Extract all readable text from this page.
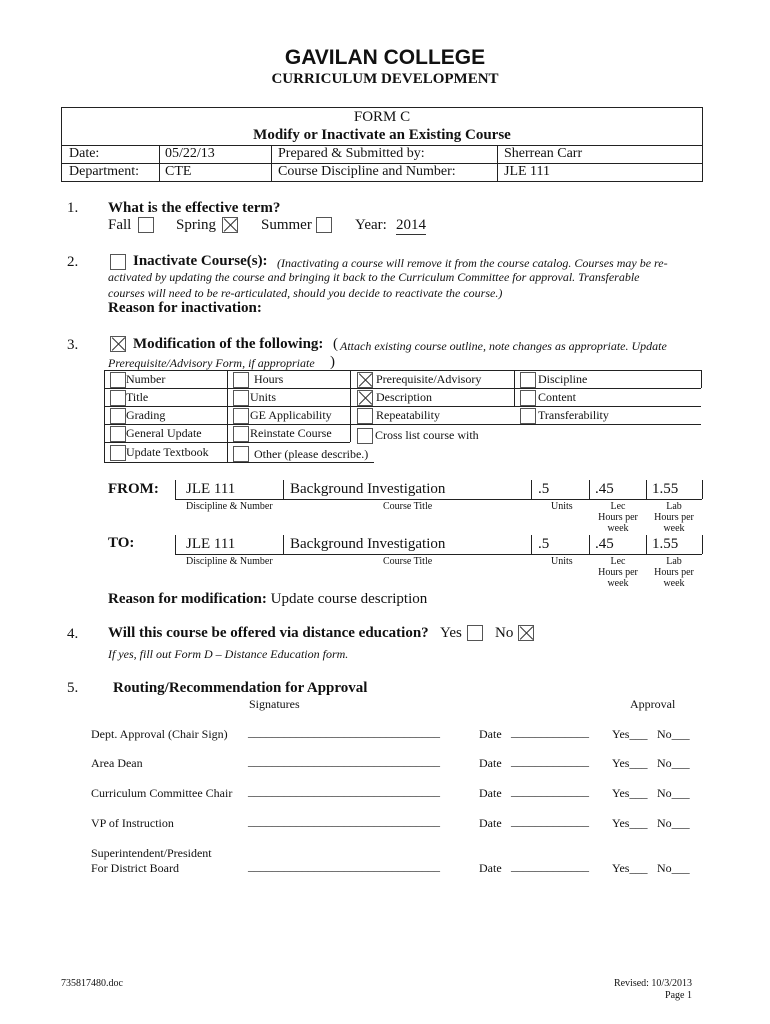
GAVILAN COLLEGE
CURRICULUM DEVELOPMENT
FORM C
Modify or Inactivate an Existing Course
Date:	05/22/13	Prepared & Submitted by:	Sherrean Carr
Department: CTE	Course Discipline and Number:	JLE 111
1. What is the effective term?
Fall	Spring	Summer	Year: 2014
2.	Inactivate Course(s): (Inactivating a course will remove it from the course catalog. Courses may be re-
activated by updating the course and bringing it back to the Curriculum Committee for approval. Transferable
courses will need to be re-articulated, should you decide to reactivate the course.)
Reason for inactivation:
3.	Modification of the following: ( Attach existing course outline, note changes as appropriate. Update
Prerequisite/Advisory Form, if appropriate )
Number	Hours	Prerequisite/Advisory	Discipline
Title	Units	Description	Content
Grading	GE Applicability	Repeatability	Transferability
General Update	Reinstate Course	Cross list course with
Update Textbook	Other (please describe.)
FROM: JLE 111	Background Investigation	.5	.45	1.55
Discipline & Number	Course Title	Units	Lec
Hours per
week
Lab
Hours per
week
TO:	JLE 111	Background Investigation	.5	.45	1.55
Discipline & Number	Course Title	Units	Lec
Hours per
week
Lab
Hours per
week
Reason for modification: Update course description
4. Will this course be offered via distance education? Yes No
If yes, fill out Form D – Distance Education form.
5. Routing/Recommendation for Approval
Signatures	Approval
Dept. Approval (Chair Sign) ________________________________	Date _____________ Yes___ No___
Area Dean	________________________________	Date _____________ Yes___ No___
Curriculum Committee Chair ________________________________	Date _____________ Yes___ No___
VP of Instruction	________________________________	Date _____________ Yes___ No___
Superintendent/President
For District Board	________________________________	Date _____________ Yes___ No___
735817480.doc	Revised: 10/3/2013
Page 1
